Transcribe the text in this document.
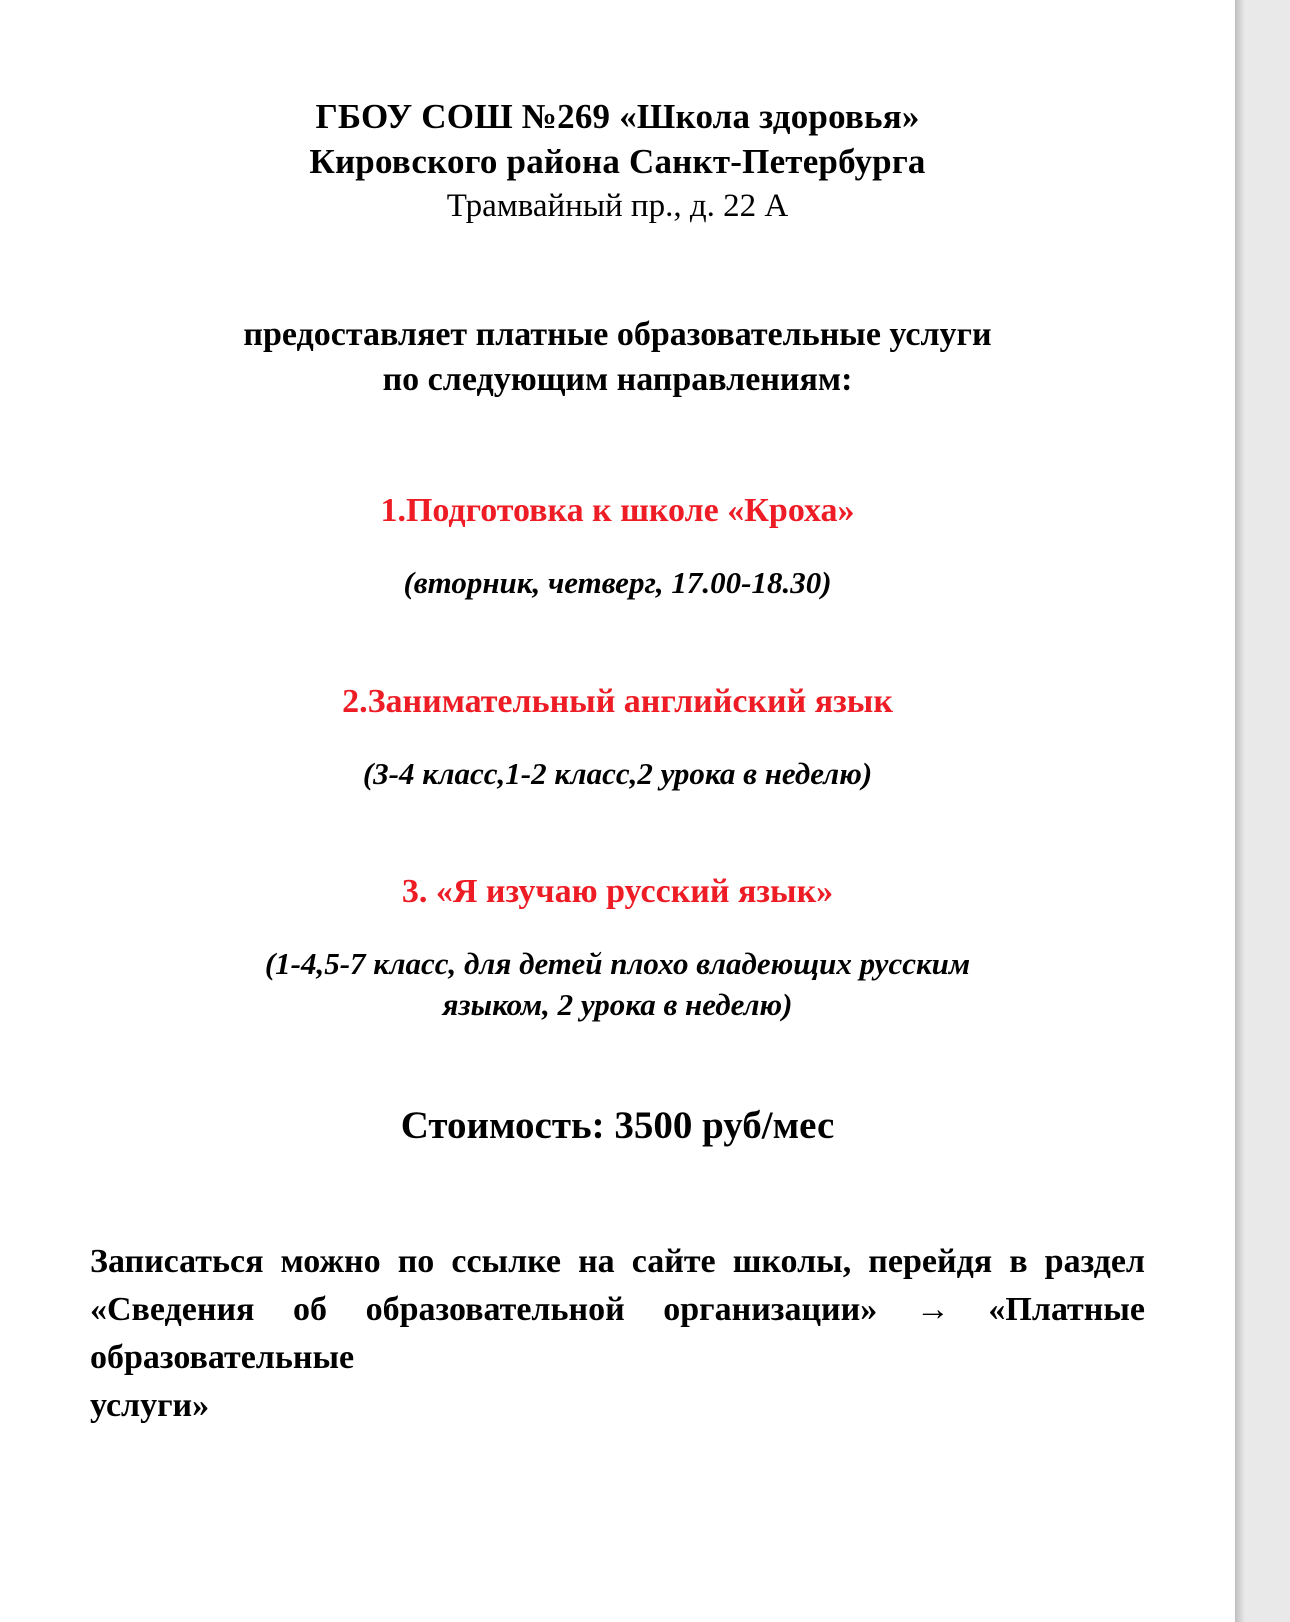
ГБОУ СОШ №269 «Школа здоровья»
Кировского района Санкт-Петербурга
Трамвайный пр., д. 22 А
предоставляет платные образовательные услуги
по следующим направлениям:
1.Подготовка к школе «Кроха»
(вторник, четверг, 17.00-18.30)
2.Занимательный английский язык
(3-4 класс,1-2 класс,2 урока в неделю)
3. «Я изучаю русский язык»
(1-4,5-7 класс, для детей плохо владеющих русским
языком, 2 урока в неделю)
Стоимость: 3500 руб/мес
Записаться можно по ссылке на сайте школы, перейдя в раздел «Сведения об образовательной организации» → «Платные образовательные
услуги»
